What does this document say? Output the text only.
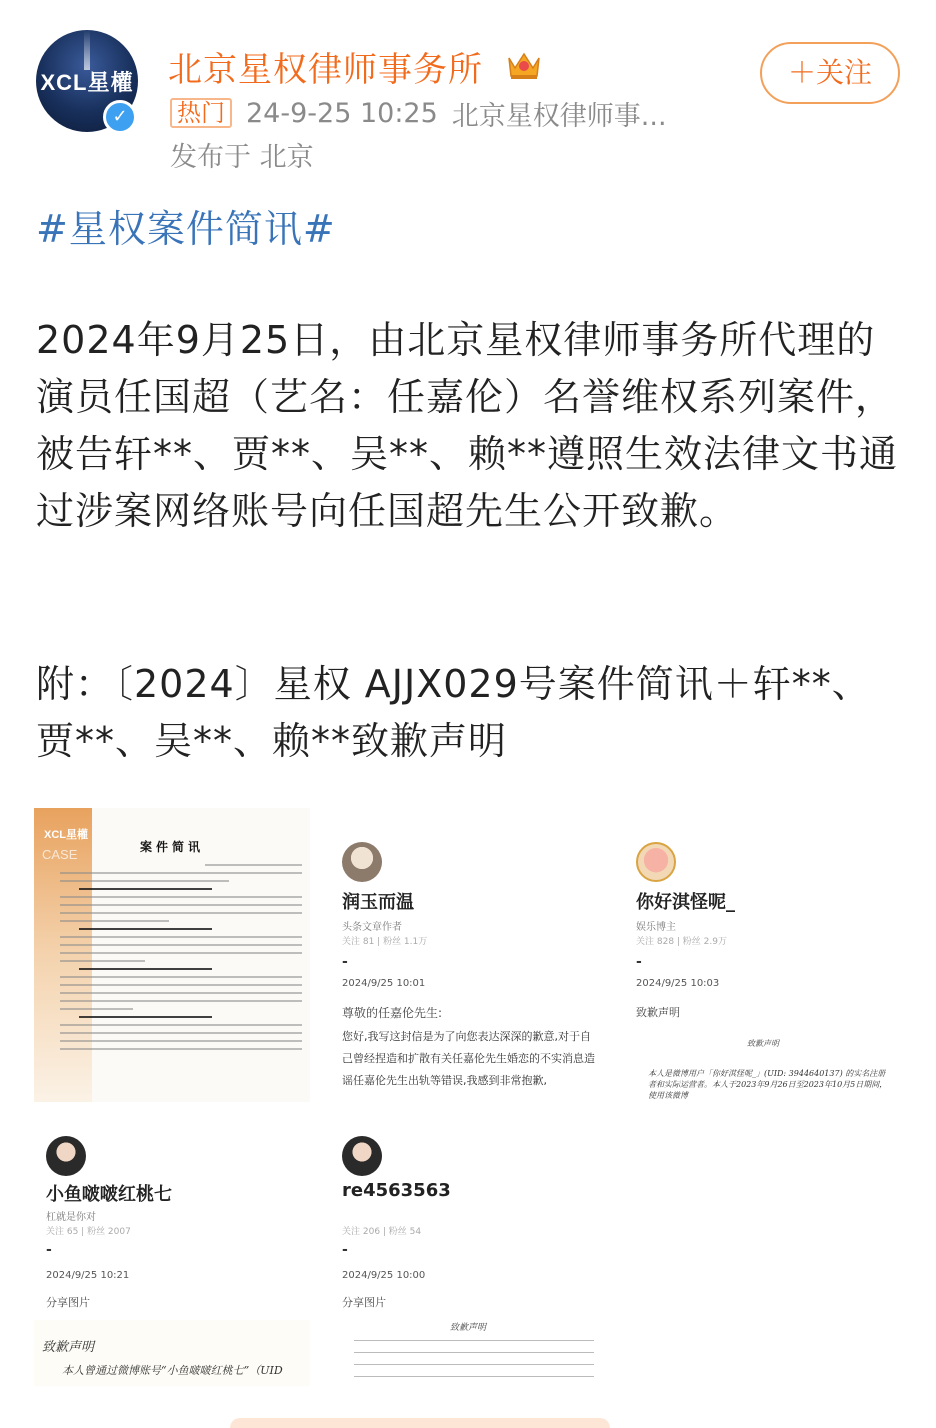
XCL星權
✓
北京星权律师事务所	＋关注
热门 24-9-25 10:25 北京星权律师事...
发布于 北京
#星权案件简讯#
2024年9月25日，由北京星权律师事务所代理的演员任国超（艺名：任嘉伦）名誉维权系列案件，被告轩**、贾**、吴**、赖**遵照生效法律文书通过涉案网络账号向任国超先生公开致歉。
附：〔2024〕星权 AJJX029号案件简讯＋轩**、贾**、吴**、赖**致歉声明
XCL星權
CASE	案件简讯
润玉而温
头条文章作者
关注 81 | 粉丝 1.1万
-
2024/9/25 10:01
尊敬的任嘉伦先生:
您好,我写这封信是为了向您表达深深的歉意,对于自己曾经捏造和扩散有关任嘉伦先生婚恋的不实消息造谣任嘉伦先生出轨等错误,我感到非常抱歉,
你好淇怪呢_
娱乐博主
关注 828 | 粉丝 2.9万
-
2024/9/25 10:03
致歉声明
致歉声明
本人是微博用户「你好淇怪呢_」(UID: 3944640137) 的实名注册者和实际运营者。本人于2023年9月26日至2023年10月5日期间，使用该微博
小鱼啵啵红桃七
杠就是你对
关注 65 | 粉丝 2007
-
2024/9/25 10:21
分享图片
致歉声明
本人曾通过微博账号“小鱼啵啵红桃七”（UID
re4563563
关注 206 | 粉丝 54
-
2024/9/25 10:00
分享图片
致歉声明
